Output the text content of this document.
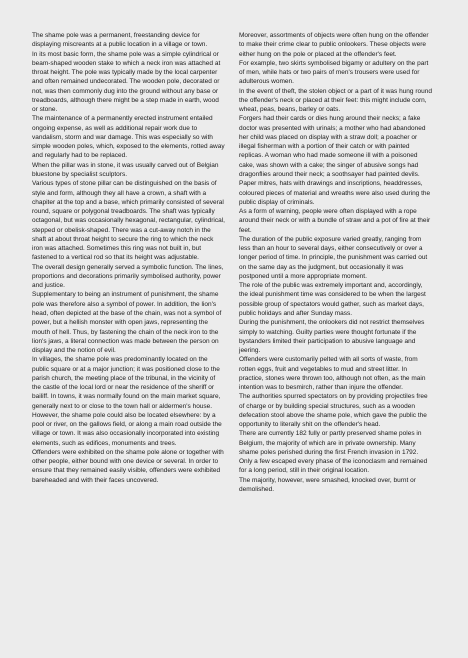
The shame pole was a permanent, freestanding device for displaying miscreants at a public location in a village or town.

In its most basic form, the shame pole was a simple cylindrical or beam-shaped wooden stake to which a neck iron was attached at throat height. The pole was typically made by the local carpenter and often remained undecorated. The wooden pole, decorated or not, was then commonly dug into the ground without any base or treadboards, although there might be a step made in earth, wood or stone.

The maintenance of a permanently erected instrument entailed ongoing expense, as well as additional repair work due to vandalism, storm and war damage. This was especially so with simple wooden poles, which, exposed to the elements, rotted away and regularly had to be replaced.

When the pillar was in stone, it was usually carved out of Belgian bluestone by specialist sculptors.

Various types of stone pillar can be distinguished on the basis of style and form, although they all have a crown, a shaft with a chapiter at the top and a base, which primarily consisted of several round, square or polygonal treadboards. The shaft was typically octagonal, but was occasionally hexagonal, rectangular, cylindrical, stepped or obelisk-shaped. There was a cut-away notch in the shaft at about throat height to secure the ring to which the neck iron was attached. Sometimes this ring was not built in, but fastened to a vertical rod so that its height was adjustable.

The overall design generally served a symbolic function. The lines, proportions and decorations primarily symbolised authority, power and justice.

Supplementary to being an instrument of punishment, the shame pole was therefore also a symbol of power. In addition, the lion's head, often depicted at the base of the chain, was not a symbol of power, but a hellish monster with open jaws, representing the mouth of hell. Thus, by fastening the chain of the neck iron to the lion's jaws, a literal connection was made between the person on display and the notion of evil.

In villages, the shame pole was predominantly located on the public square or at a major junction; it was positioned close to the parish church, the meeting place of the tribunal, in the vicinity of the castle of the local lord or near the residence of the sheriff or bailiff. In towns, it was normally found on the main market square, generally next to or close to the town hall or aldermen's house. However, the shame pole could also be located elsewhere: by a pool or river, on the gallows field, or along a main road outside the village or town. It was also occasionally incorporated into existing elements, such as edifices, monuments and trees.

Offenders were exhibited on the shame pole alone or together with other people, either bound with one device or several. In order to ensure that they remained easily visible, offenders were exhibited bareheaded and with their faces uncovered.

Moreover, assortments of objects were often hung on the offender to make their crime clear to public onlookers. These objects were either hung on the pole or placed at the offender's feet.

For example, two skirts symbolised bigamy or adultery on the part of men, while hats or two pairs of men's trousers were used for adulterous women.

In the event of theft, the stolen object or a part of it was hung round the offender's neck or placed at their feet: this might include corn, wheat, peas, beans, barley or oats.

Forgers had their cards or dies hung around their necks; a fake doctor was presented with urinals; a mother who had abandoned her child was placed on display with a straw doll; a poacher or illegal fisherman with a portion of their catch or with painted replicas. A woman who had made someone ill with a poisoned cake, was shown with a cake; the singer of abusive songs had dragonflies around their neck; a soothsayer had painted devils.

Paper mitres, hats with drawings and inscriptions, headdresses, coloured pieces of material and wreaths were also used during the public display of criminals.

As a form of warning, people were often displayed with a rope around their neck or with a bundle of straw and a pot of fire at their feet.

The duration of the public exposure varied greatly, ranging from less than an hour to several days, either consecutively or over a longer period of time. In principle, the punishment was carried out on the same day as the judgment, but occasionally it was postponed until a more appropriate moment.

The role of the public was extremely important and, accordingly, the ideal punishment time was considered to be when the largest possible group of spectators would gather, such as market days, public holidays and after Sunday mass.

During the punishment, the onlookers did not restrict themselves simply to watching. Guilty parties were thought fortunate if the bystanders limited their participation to abusive language and jeering.

Offenders were customarily pelted with all sorts of waste, from rotten eggs, fruit and vegetables to mud and street litter. In practice, stones were thrown too, although not often, as the main intention was to besmirch, rather than injure the offender.

The authorities spurred spectators on by providing projectiles free of charge or by building special structures, such as a wooden defecation stool above the shame pole, which gave the public the opportunity to literally shit on the offender's head.

There are currently 182 fully or partly preserved shame poles in Belgium, the majority of which are in private ownership. Many shame poles perished during the first French invasion in 1792. Only a few escaped every phase of the iconoclasm and remained for a long period, still in their original location.

The majority, however, were smashed, knocked over, burnt or demolished.
